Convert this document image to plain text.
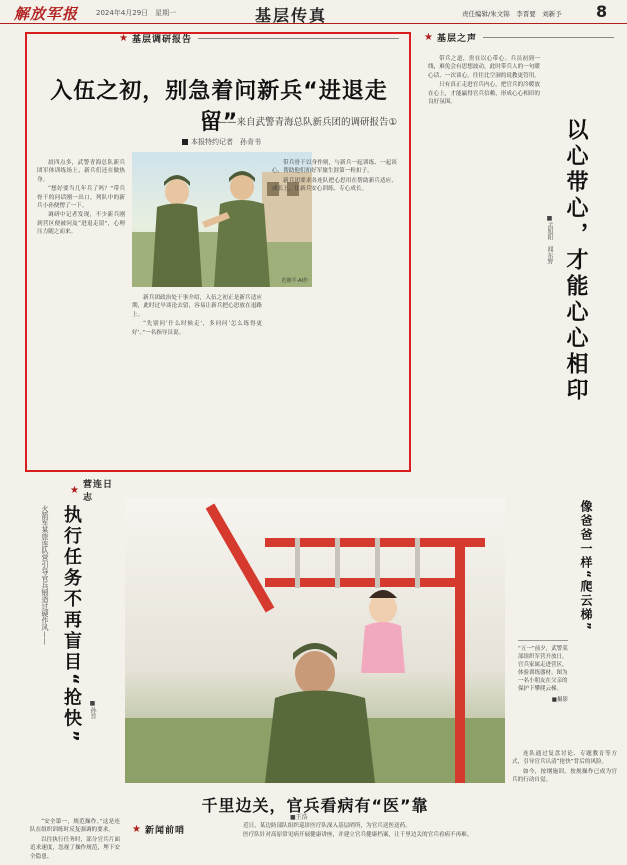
解放军报	2024年4月29日　星期一	基层传真	责任编辑/朱文锦　李晋要　刘新予 8
★ 基层调研报告
入伍之初，别急着问新兵“进退走留”
——来自武警青海总队新兵团的调研报告①
本报特约记者　孙肯书
范朝平·AI作

晨四点多，武警青海总队新兵团军体训练场上，新兵们还在做热身。

“想好要当几年兵了吗？”带兵骨干的问话刚一出口，列队中的新兵小孙便愣了一下。

调研中记者发现，不少新兵刚到营区便被问及“进退走留”，心理压力随之而来。

新兵团政治处干事介绍，入伍之初正是新兵适应期，此时过早谈论去留，容易让新兵把心思放在退路上。

“先别问‘什么时候走’，多问问‘怎么练得更好’。”一名指导员说。

带兵骨干以身作则，与新兵一起训练、一起谈心，帮助他们扣好军旅生涯第一粒扣子。

新兵团要求各连队把心思用在帮助新兵适应、成长上，让新兵安心训练、专心成长。

★ 基层之声
以心带心，才能心心相印
■孟旭阳　闻东野

带兵之道，贵在以心带心。兵员初到一线，难免会有思想波动，此时带兵人的一句暖心话、一次谈心，往往比空洞的说教更管用。

只有真正走进官兵内心，把官兵的冷暖放在心上，才能赢得官兵信赖，形成心心相印的良好氛围。

★ 营连日志
火箭军某旅连队营引导官兵锻造过硬作风—— 执行任务不再盲目“抢快”	■孙晋

“安全第一，规范操作。”这是连队在组织训练时反复强调的要求。

以往执行任务时，部分官兵片面追求速度，忽视了操作规范，埋下安全隐患。

像爸爸一样“爬云梯”
“五一”前夕，武警某部组织军营开放日，官兵家属走进营区，体验训练器材。图为一名小朋友在父亲的保护下攀爬云梯。
■摄影
千里边关，官兵看病有“医”靠
■王浩
★ 新闻前哨	近日，某边防部队组织巡诊医疗队深入基层哨所，为官兵送医送药。

医疗队针对高原常见病开展健康讲座，并建立官兵健康档案，让千里边关的官兵看病不再难。

连队通过复盘讨论、专题教育等方式，引导官兵认清“抢快”背后的风险。

如今，按纲施训、按规操作已成为官兵的行动自觉。
